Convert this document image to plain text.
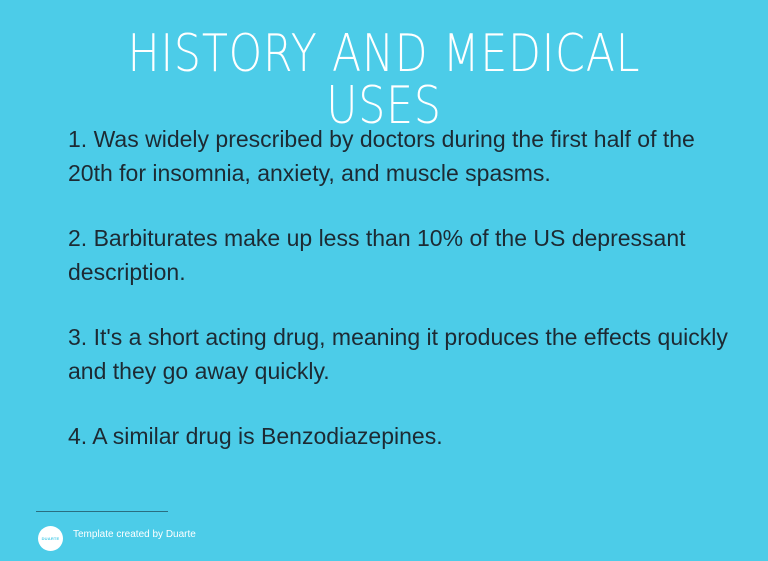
HISTORY AND MEDICAL USES

1. Was widely prescribed by doctors during the first half of the 20th for insomnia, anxiety, and muscle spasms.

2. Barbiturates make up less than 10% of the US depressant description.

3. It's a short acting drug, meaning it produces the effects quickly and they go away quickly.

4. A similar drug is Benzodiazepines.

DUARTE Template created by Duarte
